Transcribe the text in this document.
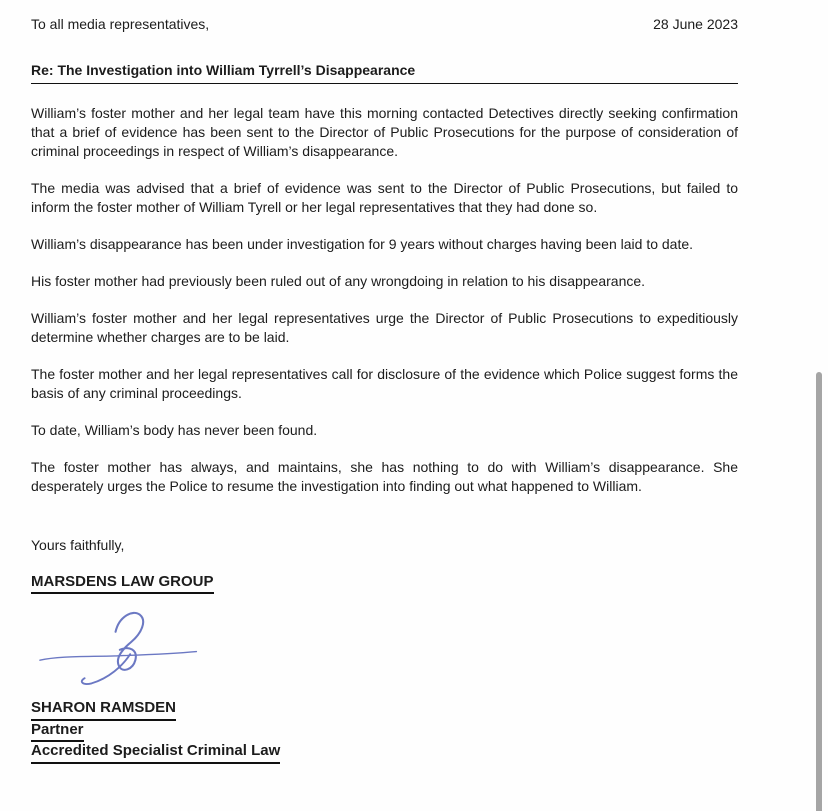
To all media representatives,	28 June 2023
Re: The Investigation into William Tyrrell’s Disappearance

William’s foster mother and her legal team have this morning contacted Detectives directly seeking confirmation that a brief of evidence has been sent to the Director of Public Prosecutions for the purpose of consideration of criminal proceedings in respect of William’s disappearance.

The media was advised that a brief of evidence was sent to the Director of Public Prosecutions, but failed to inform the foster mother of William Tyrell or her legal representatives that they had done so.

William’s disappearance has been under investigation for 9 years without charges having been laid to date.

His foster mother had previously been ruled out of any wrongdoing in relation to his disappearance.

William’s foster mother and her legal representatives urge the Director of Public Prosecutions to expeditiously determine whether charges are to be laid.

The foster mother and her legal representatives call for disclosure of the evidence which Police suggest forms the basis of any criminal proceedings.

To date, William’s body has never been found.

The foster mother has always, and maintains, she has nothing to do with William’s disappearance. She desperately urges the Police to resume the investigation into finding out what happened to William.

Yours faithfully,
MARSDENS LAW GROUP
SHARON RAMSDEN
Partner
Accredited Specialist Criminal Law
